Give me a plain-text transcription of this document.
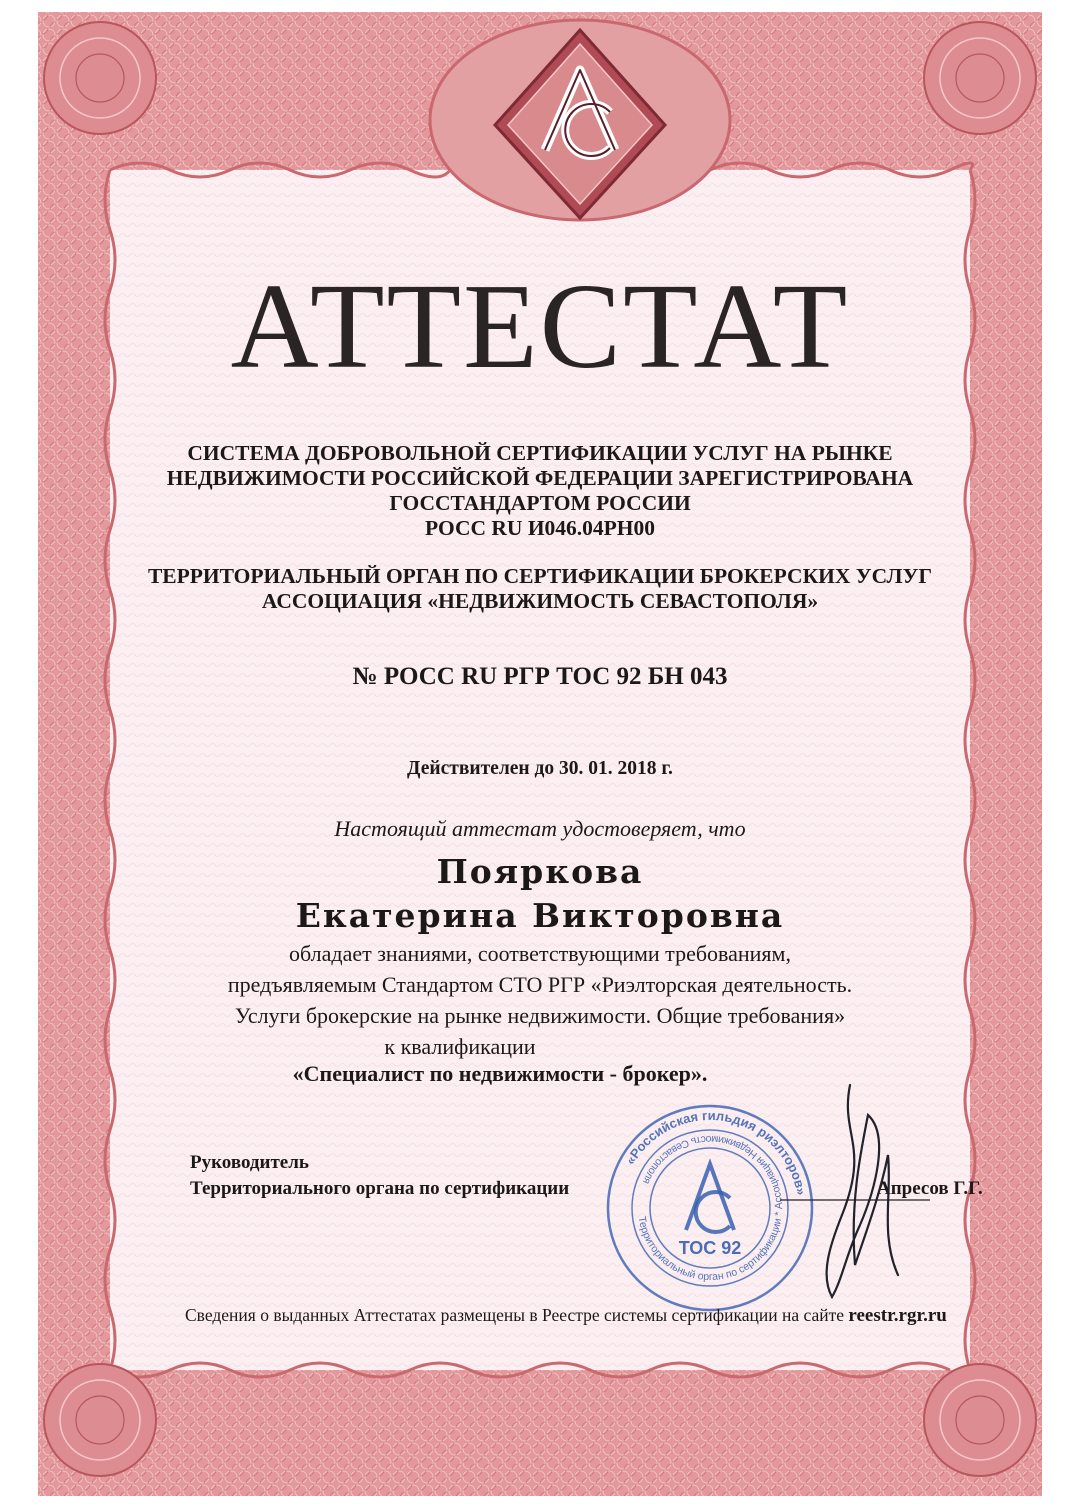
АТТЕСТАТ
СИСТЕМА ДОБРОВОЛЬНОЙ СЕРТИФИКАЦИИ УСЛУГ НА РЫНКЕ
НЕДВИЖИМОСТИ РОССИЙСКОЙ ФЕДЕРАЦИИ ЗАРЕГИСТРИРОВАНА
ГОССТАНДАРТОМ РОССИИ
РОСС RU И046.04РН00
ТЕРРИТОРИАЛЬНЫЙ ОРГАН ПО СЕРТИФИКАЦИИ БРОКЕРСКИХ УСЛУГ
АССОЦИАЦИЯ «НЕДВИЖИМОСТЬ СЕВАСТОПОЛЯ»
№ РОСС RU РГР ТОС 92 БН 043
Действителен до 30. 01. 2018 г.
Настоящий аттестат удостоверяет, что
Пояркова
Екатерина Викторовна
обладает знаниями, соответствующими требованиям,
предъявляемым Стандартом СТО РГР «Риэлторская деятельность.
Услуги брокерские на рынке недвижимости. Общие требования»
к квалификации
«Специалист по недвижимости - брокер».
Руководитель
Территориального органа по сертификации	Апресов Г.Г.
«Российская гильдия риэлторов»
Территориальный орган по сертификации * Ассоциация Недвижимость Севастополя
ТОС 92
Сведения о выданных Аттестатах размещены в Реестре системы сертификации на сайте reestr.rgr.ru
